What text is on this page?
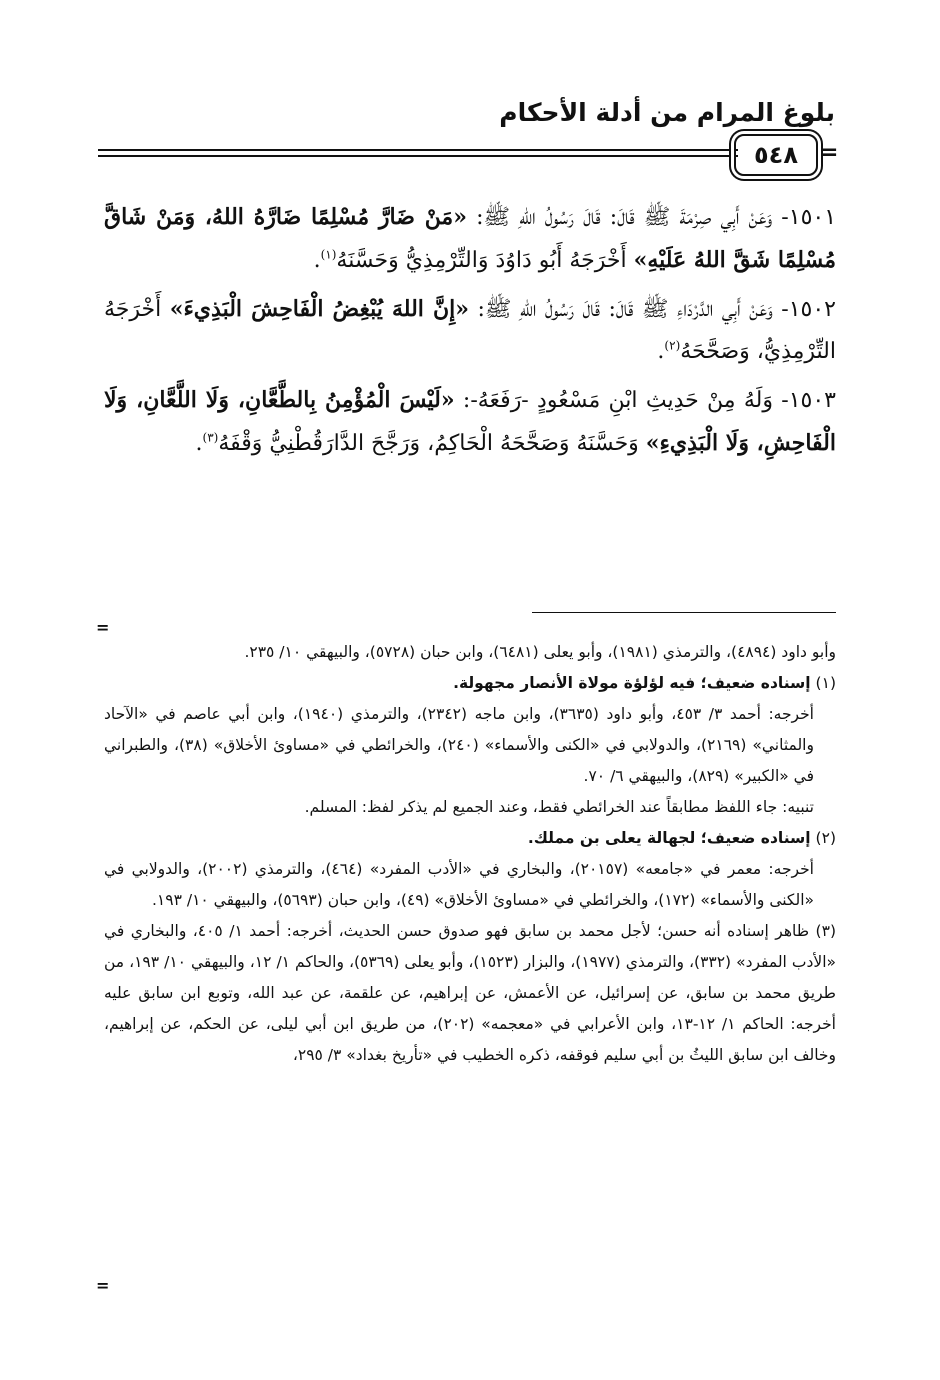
بلوغ المرام من أدلة الأحكام
٥٤٨	=

١٥٠١- وَعَنْ أَبِي صِرْمَةَ ﷺ قَالَ: قَالَ رَسُولُ اللهِ ﷺ: «مَنْ ضَارَّ مُسْلِمًا ضَارَّهُ اللهُ، وَمَنْ شَاقَّ مُسْلِمًا شَقَّ اللهُ عَلَيْهِ» أَخْرَجَهُ أَبُو دَاوُدَ وَالتِّرْمِذِيُّ وَحَسَّنَهُ$^{(١)}$.

١٥٠٢- وَعَنْ أَبِي الدَّرْدَاءِ ﷺ قَالَ: قَالَ رَسُولُ اللهِ ﷺ: «إِنَّ اللهَ يُبْغِضُ الْفَاحِشَ الْبَذِيءَ» أَخْرَجَهُ التِّرْمِذِيُّ، وَصَحَّحَهُ$^{(٢)}$.

١٥٠٣- وَلَهُ مِنْ حَدِيثِ ابْنِ مَسْعُودٍ -رَفَعَهُ-: «لَيْسَ الْمُؤْمِنُ بِالطَّعَّانِ، وَلَا اللَّعَّانِ، وَلَا الْفَاحِشِ، وَلَا الْبَذِيءِ» وَحَسَّنَهُ وَصَحَّحَهُ الْحَاكِمُ، وَرَجَّحَ الدَّارَقُطْنِيُّ وَقْفَهُ$^{(٣)}$.

=

وأبو داود (٤٨٩٤)، والترمذي (١٩٨١)، وأبو يعلى (٦٤٨١)، وابن حبان (٥٧٢٨)، والبيهقي ١٠/ ٢٣٥.

(١) إسناده ضعيف؛ فيه لؤلؤة مولاة الأنصار مجهولة.

أخرجه: أحمد ٣/ ٤٥٣، وأبو داود (٣٦٣٥)، وابن ماجه (٢٣٤٢)، والترمذي (١٩٤٠)، وابن أبي عاصم في «الآحاد والمثاني» (٢١٦٩)، والدولابي في «الكنى والأسماء» (٢٤٠)، والخرائطي في «مساوئ الأخلاق» (٣٨)، والطبراني في «الكبير» (٨٢٩)، والبيهقي ٦/ ٧٠.

تنبيه: جاء اللفظ مطابقاً عند الخرائطي فقط، وعند الجميع لم يذكر لفظ: المسلم.

(٢) إسناده ضعيف؛ لجهالة يعلى بن مملك.

أخرجه: معمر في «جامعه» (٢٠١٥٧)، والبخاري في «الأدب المفرد» (٤٦٤)، والترمذي (٢٠٠٢)، والدولابي في «الكنى والأسماء» (١٧٢)، والخرائطي في «مساوئ الأخلاق» (٤٩)، وابن حبان (٥٦٩٣)، والبيهقي ١٠/ ١٩٣.

(٣) ظاهر إسناده أنه حسن؛ لأجل محمد بن سابق فهو صدوق حسن الحديث، أخرجه: أحمد ١/ ٤٠٥، والبخاري في «الأدب المفرد» (٣٣٢)، والترمذي (١٩٧٧)، والبزار (١٥٢٣)، وأبو يعلى (٥٣٦٩)، والحاكم ١/ ١٢، والبيهقي ١٠/ ١٩٣، من طريق محمد بن سابق، عن إسرائيل، عن الأعمش، عن إبراهيم، عن علقمة، عن عبد الله، وتوبع ابن سابق عليه أخرجه: الحاكم ١/ ١٢-١٣، وابن الأعرابي في «معجمه» (٢٠٢)، من طريق ابن أبي ليلى، عن الحكم، عن إبراهيم، وخالف ابن سابق الليثُ بن أبي سليم فوقفه، ذكره الخطيب في «تأريخ بغداد» ٣/ ٢٩٥،

=
